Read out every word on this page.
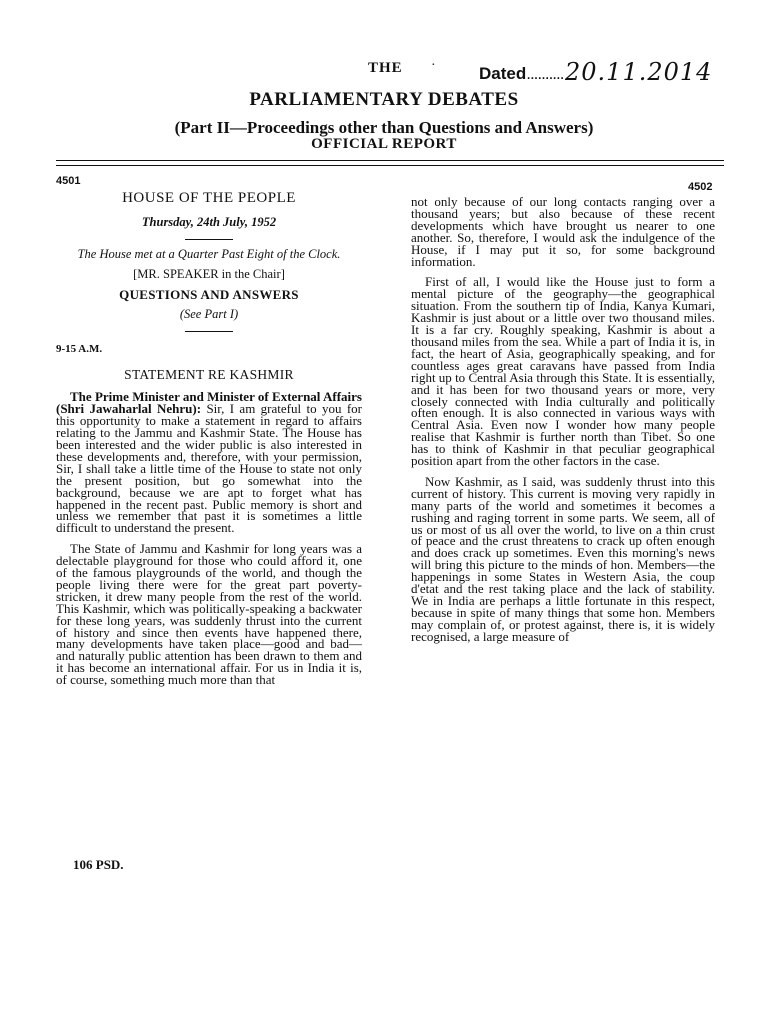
THE ·	Dated.......... 20.11.2014
PARLIAMENTARY DEBATES
(Part II—Proceedings other than Questions and Answers)
OFFICIAL REPORT
4501	4502
HOUSE OF THE PEOPLE
Thursday, 24th July, 1952
The House met at a Quarter Past Eight of the Clock.
[MR. SPEAKER in the Chair]
QUESTIONS AND ANSWERS
(See Part I)
9-15 A.M.
STATEMENT RE KASHMIR

The Prime Minister and Minister of External Affairs (Shri Jawaharlal Nehru): Sir, I am grateful to you for this opportunity to make a statement in regard to affairs relating to the Jammu and Kashmir State. The House has been interested and the wider public is also interested in these developments and, therefore, with your permission, Sir, I shall take a little time of the House to state not only the present position, but go somewhat into the background, because we are apt to forget what has happened in the recent past. Public memory is short and unless we remember that past it is sometimes a little difficult to understand the present.

The State of Jammu and Kashmir for long years was a delectable playground for those who could afford it, one of the famous playgrounds of the world, and though the people living there were for the great part poverty-stricken, it drew many people from the rest of the world. This Kashmir, which was politically-speaking a backwater for these long years, was suddenly thrust into the current of history and since then events have happened there, many developments have taken place—good and bad—and naturally public attention has been drawn to them and it has become an international affair. For us in India it is, of course, something much more than that

not only because of our long contacts ranging over a thousand years; but also because of these recent developments which have brought us nearer to one another. So, therefore, I would ask the indulgence of the House, if I may put it so, for some background information.

First of all, I would like the House just to form a mental picture of the geography—the geographical situation. From the southern tip of India, Kanya Kumari, Kashmir is just about or a little over two thousand miles. It is a far cry. Roughly speaking, Kashmir is about a thousand miles from the sea. While a part of India it is, in fact, the heart of Asia, geographically speaking, and for countless ages great caravans have passed from India right up to Central Asia through this State. It is essentially, and it has been for two thousand years or more, very closely connected with India culturally and politically often enough. It is also connected in various ways with Central Asia. Even now I wonder how many people realise that Kashmir is further north than Tibet. So one has to think of Kashmir in that peculiar geographical position apart from the other factors in the case.

Now Kashmir, as I said, was suddenly thrust into this current of history. This current is moving very rapidly in many parts of the world and sometimes it becomes a rushing and raging torrent in some parts. We seem, all of us or most of us all over the world, to live on a thin crust of peace and the crust threatens to crack up often enough and does crack up sometimes. Even this morning's news will bring this picture to the minds of hon. Members—the happenings in some States in Western Asia, the coup d'etat and the rest taking place and the lack of stability. We in India are perhaps a little fortunate in this respect, because in spite of many things that some hon. Members may complain of, or protest against, there is, it is widely recognised, a large measure of

106 PSD.
